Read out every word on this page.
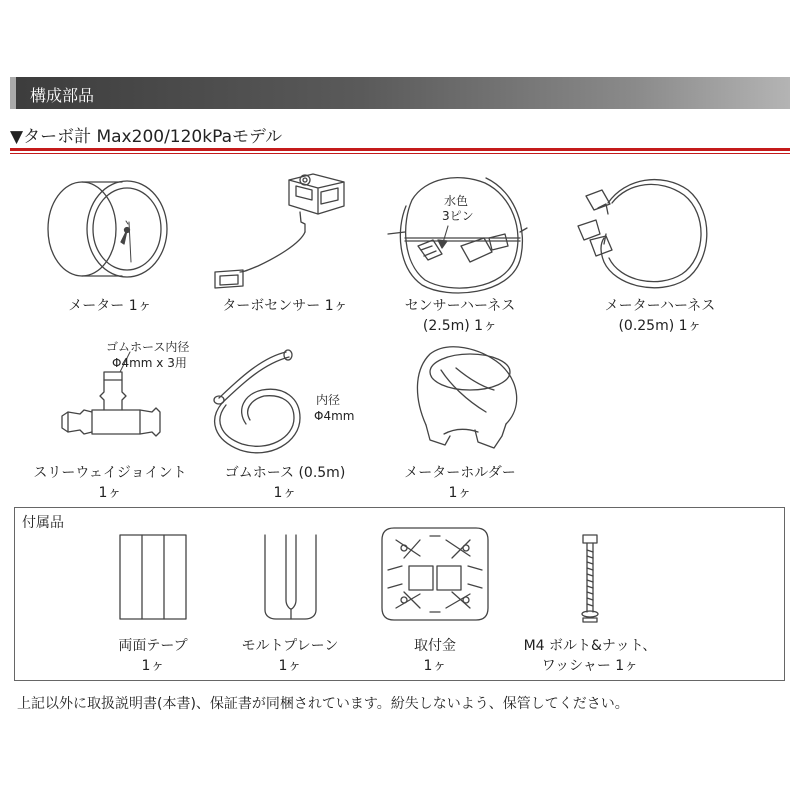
構成部品
▼ターボ計 Max200/120kPaモデル
メーター 1ヶ	ターボセンサー 1ヶ	センサーハーネス
(2.5m) 1ヶ
メーターハーネス
(0.25m) 1ヶ
水色
3ピン
ゴムホース内径
Φ4mm x 3用
内径
Φ4mm
スリーウェイジョイント
1ヶ
ゴムホース (0.5m)
1ヶ
メーターホルダー
1ヶ
付属品
両面テープ
1ヶ
モルトプレーン
1ヶ
取付金
1ヶ
M4 ボルト&ナット、
ワッシャー 1ヶ
上記以外に取扱説明書(本書)、保証書が同梱されています。紛失しないよう、保管してください。
